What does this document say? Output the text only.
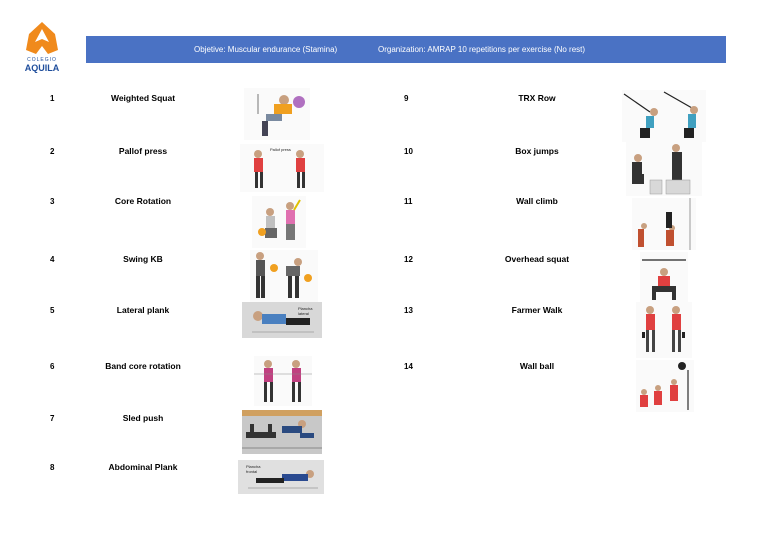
COLEGIO
AQUILA
Objetive: Muscular endurance (Stamina)	Organization: AMRAP 10 repetitions per exercise (No rest)
1	Weighted Squat
2	Pallof press
3	Core Rotation
4	Swing KB
5	Lateral plank
6	Band core rotation
7	Sled push
8	Abdominal Plank
9	TRX Row
10	Box jumps
11	Wall climb
12	Overhead squat
13	Farmer Walk
14	Wall ball
Pallof press
Plancha lateral
Plancha frontal
